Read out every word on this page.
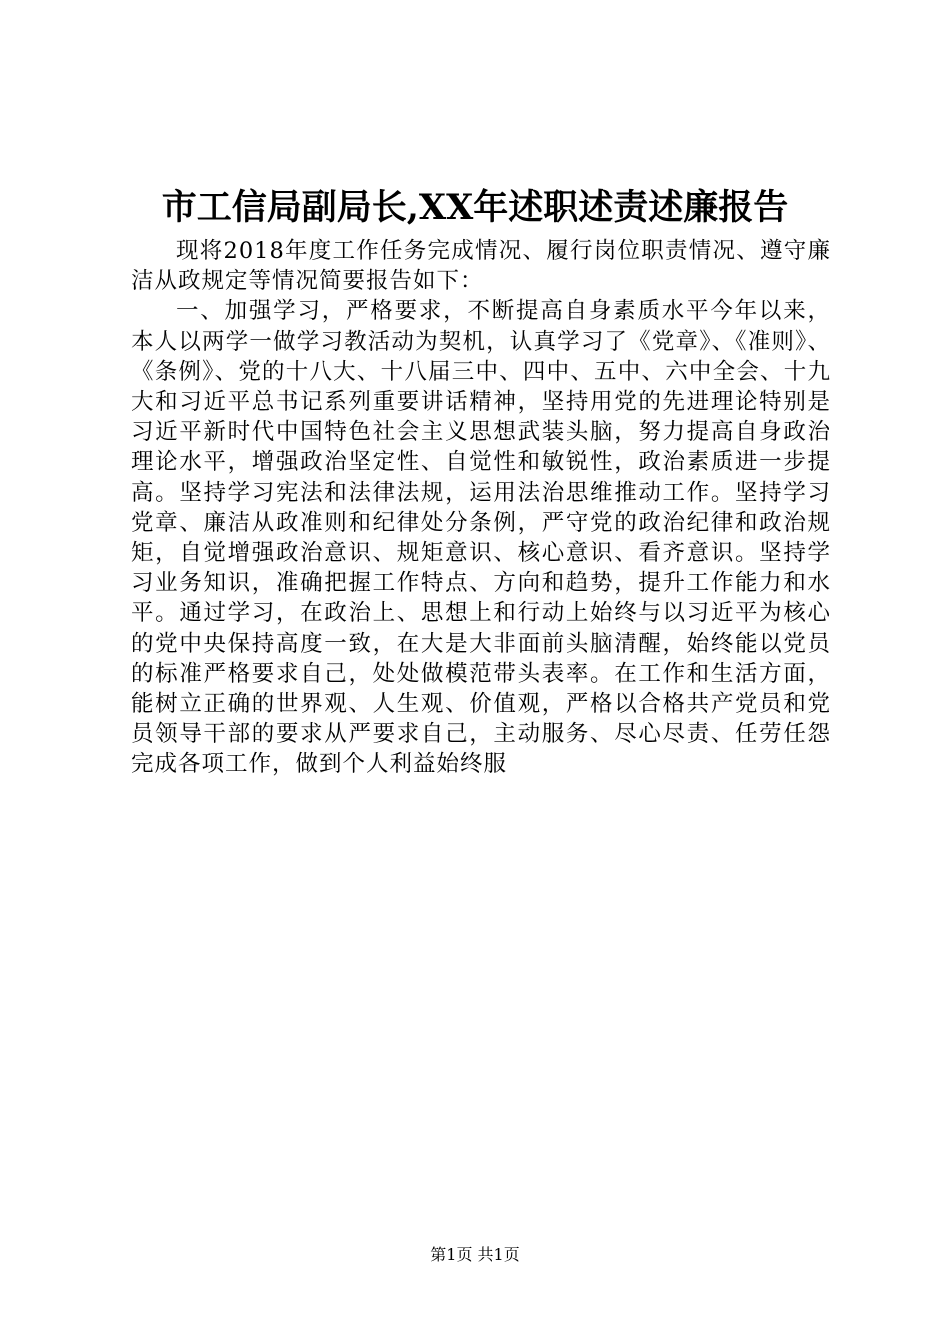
市工信局副局长,XX年述职述责述廉报告

现将2018年度工作任务完成情况、履行岗位职责情况、遵守廉洁从政规定等情况简要报告如下：

一、加强学习，严格要求，不断提高自身素质水平今年以来，本人以两学一做学习教活动为契机，认真学习了《党章》、《准则》、《条例》、党的十八大、十八届三中、四中、五中、六中全会、十九大和习近平总书记系列重要讲话精神，坚持用党的先进理论特别是习近平新时代中国特色社会主义思想武装头脑，努力提高自身政治理论水平，增强政治坚定性、自觉性和敏锐性，政治素质进一步提高。坚持学习宪法和法律法规，运用法治思维推动工作。坚持学习党章、廉洁从政准则和纪律处分条例，严守党的政治纪律和政治规矩，自觉增强政治意识、规矩意识、核心意识、看齐意识。坚持学习业务知识，准确把握工作特点、方向和趋势，提升工作能力和水平。通过学习，在政治上、思想上和行动上始终与以习近平为核心的党中央保持高度一致，在大是大非面前头脑清醒，始终能以党员的标准严格要求自己，处处做模范带头表率。在工作和生活方面，能树立正确的世界观、人生观、价值观，严格以合格共产党员和党员领导干部的要求从严要求自己，主动服务、尽心尽责、任劳任怨完成各项工作，做到个人利益始终服

第1页 共1页
